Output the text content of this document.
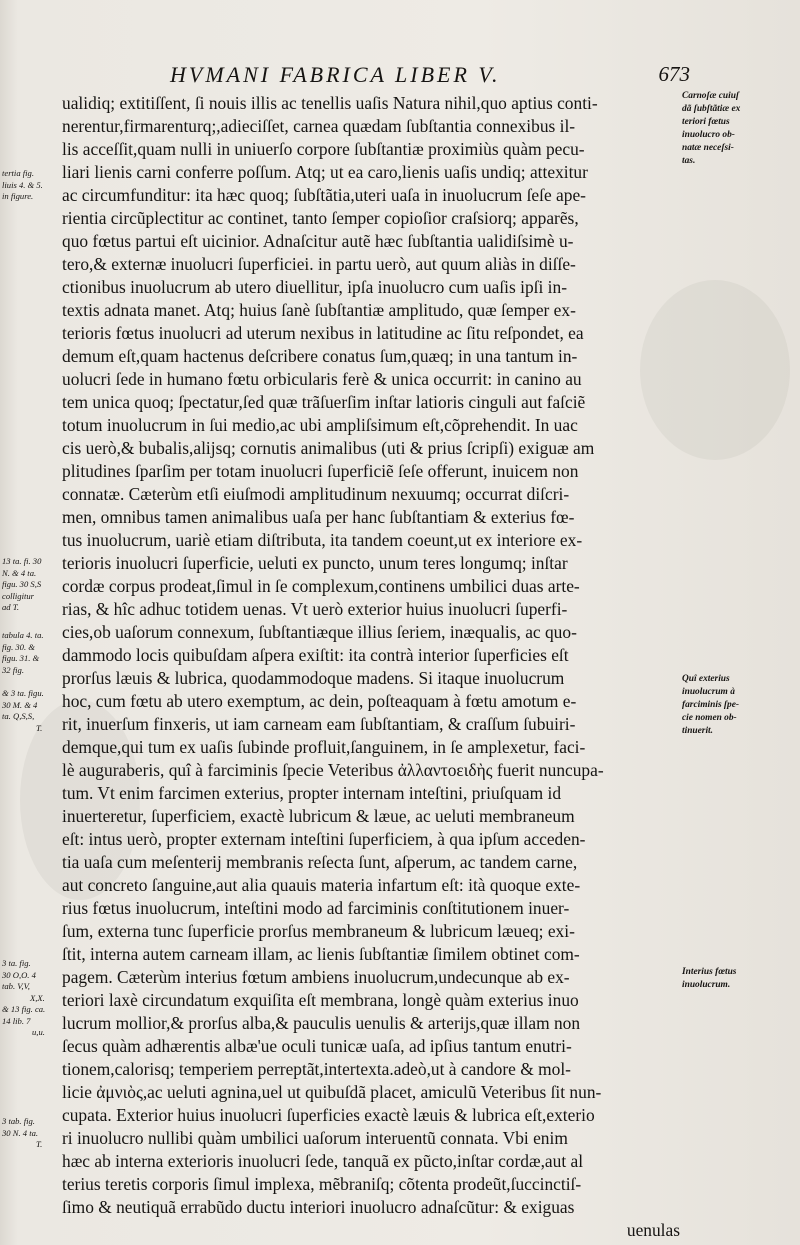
HVMANI FABRICA LIBER V.	673
ualidiq; extitiſſent, ſi nouis illis ac tenellis uaſis Natura nihil,quo aptius conti-
nerentur,firmarenturq;,adieciſſet, carnea quædam ſubſtantia connexibus il-
lis acceſſit,quam nulli in uniuerſo corpore ſubſtantiæ proximiùs quàm pecu-
liari lienis carni conferre poſſum. Atq; ut ea caro,lienis uaſis undiq; attexitur
ac circumfunditur: ita hæc quoq; ſubſtãtia,uteri uaſa in inuolucrum ſeſe ape-
rientia circũplectitur ac continet, tanto ſemper copioſior craſsiorq; apparẽs,
quo fœtus partui eſt uicinior. Adnaſcitur autẽ hæc ſubſtantia ualidiſsimè u-
tero,& externæ inuolucri ſuperficiei. in partu uerò, aut quum aliàs in diſſe-
ctionibus inuolucrum ab utero diuellitur, ipſa inuolucro cum uaſis ipſi in-
textis adnata manet. Atq; huius ſanè ſubſtantiæ amplitudo, quæ ſemper ex-
terioris fœtus inuolucri ad uterum nexibus in latitudine ac ſitu reſpondet, ea
demum eſt,quam hactenus deſcribere conatus ſum,quæq; in una tantum in-
uolucri ſede in humano fœtu orbicularis ferè & unica occurrit: in canino au
tem unica quoq; ſpectatur,ſed quæ trãſuerſim inſtar latioris cinguli aut faſciẽ
totum inuolucrum in ſui medio,ac ubi ampliſsimum eſt,cõprehendit. In uac
cis uerò,& bubalis,alijsq; cornutis animalibus (uti & prius ſcripſi) exiguæ am
plitudines ſparſim per totam inuolucri ſuperficiẽ ſeſe offerunt, inuicem non
connatæ. Cæterùm etſi eiuſmodi amplitudinum nexuumq; occurrat diſcri-
men, omnibus tamen animalibus uaſa per hanc ſubſtantiam & exterius fœ-
tus inuolucrum, uariè etiam diſtributa, ita tandem coeunt,ut ex interiore ex-
terioris inuolucri ſuperficie, ueluti ex puncto, unum teres longumq; inſtar
cordæ corpus prodeat,ſimul in ſe complexum,continens umbilici duas arte-
rias, & hîc adhuc totidem uenas. Vt uerò exterior huius inuolucri ſuperfi-
cies,ob uaſorum connexum, ſubſtantiæque illius ſeriem, inæqualis, ac quo-
dammodo locis quibuſdam aſpera exiſtit: ita contrà interior ſuperficies eſt
prorſus læuis & lubrica, quodammodoque madens. Si itaque inuolucrum
hoc, cum fœtu ab utero exemptum, ac dein, poſteaquam à fœtu amotum e-
rit, inuerſum finxeris, ut iam carneam eam ſubſtantiam, & craſſum ſubuiri-
demque,qui tum ex uaſis ſubinde profluit,ſanguinem, in ſe amplexetur, faci-
lè auguraberis, quî à farciminis ſpecie Veteribus ἀλλαντοειδὴς fuerit nuncupa-
tum. Vt enim farcimen exterius, propter internam inteſtini, priuſquam id
inuerteretur, ſuperficiem, exactè lubricum & læue, ac ueluti membraneum
eſt: intus uerò, propter externam inteſtini ſuperficiem, à qua ipſum acceden-
tia uaſa cum meſenterij membranis reſecta ſunt, aſperum, ac tandem carne,
aut concreto ſanguine,aut alia quauis materia infartum eſt: ità quoque exte-
rius fœtus inuolucrum, inteſtini modo ad farciminis conſtitutionem inuer-
ſum, externa tunc ſuperficie prorſus membraneum & lubricum læueq; exi-
ſtit, interna autem carneam illam, ac lienis ſubſtantiæ ſimilem obtinet com-
pagem. Cæterùm interius fœtum ambiens inuolucrum,undecunque ab ex-
teriori laxè circundatum exquiſita eſt membrana, longè quàm exterius inuo
lucrum mollior,& prorſus alba,& pauculis uenulis & arterijs,quæ illam non
ſecus quàm adhærentis albæ'ue oculi tunicæ uaſa, ad ipſius tantum enutri-
tionem,calorisq; temperiem perreptãt,intertexta.adeò,ut à candore & mol-
licie ἀμνιὸς,ac ueluti agnina,uel ut quibuſdã placet, amiculũ Veteribus ſit nun-
cupata. Exterior huius inuolucri ſuperficies exactè læuis & lubrica eſt,exterio
ri inuolucro nullibi quàm umbilici uaſorum interuentũ connata. Vbi enim
hæc ab interna exterioris inuolucri ſede, tanquã ex pũcto,inſtar cordæ,aut al
terius teretis corporis ſimul implexa, mẽbraniſq; cõtenta prodeũt,ſuccinctiſ-
ſimo & neutiquã errabũdo ductu interiori inuolucro adnaſcũtur: & exiguas
uenulas
Carnoſæ cuiuſ
dã ſubſtãtiæ ex
teriori fœtus
inuolucro ob-
natæ neceſsi-
tas.
Quî exterius
inuolucrum à
farciminis ſpe-
cie nomen ob-
tinuerit.
Interius fœtus
inuolucrum.
tertia fig.
liuis 4. & 5.
in figure.
13 ta. fi. 30
N. & 4 ta.
figu. 30 S,S
colligitur
ad T.
tabula 4. ta.
fig. 30. &
figu. 31. &
32 fig.
& 3 ta. figu.
30 M. & 4
ta. Q,S,S,
T.
3 ta. fig.
30 O,O. 4
tab. V,V,
X,X.
& 13 fig. ca.
14 lib. 7
u,u.
3 tab. fig.
30 N. 4 ta.
T.
